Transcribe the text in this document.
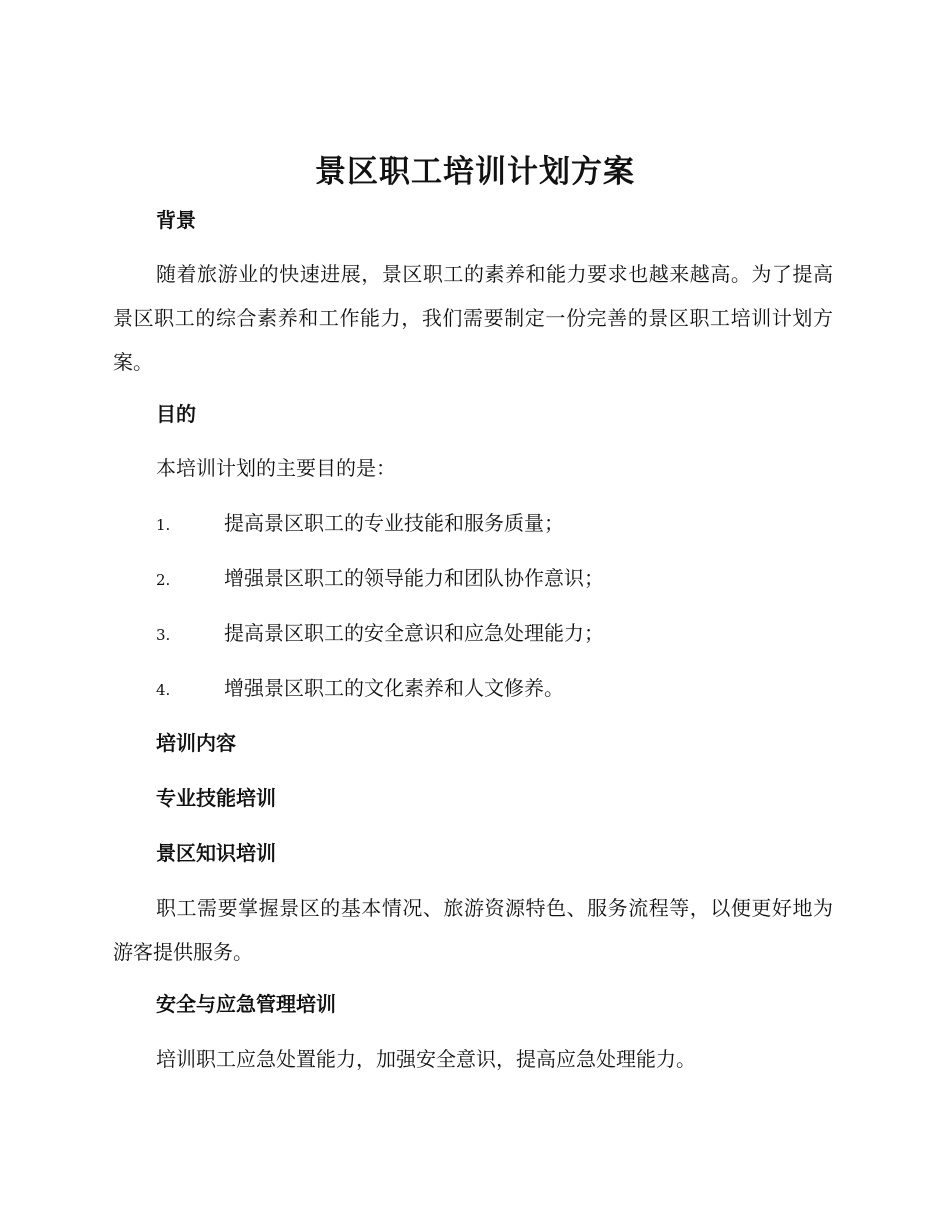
景区职工培训计划方案
背景
随着旅游业的快速进展，景区职工的素养和能力要求也越来越高。为了提高景区职工的综合素养和工作能力，我们需要制定一份完善的景区职工培训计划方案。
目的
本培训计划的主要目的是：
1.	提高景区职工的专业技能和服务质量；
2.	增强景区职工的领导能力和团队协作意识；
3.	提高景区职工的安全意识和应急处理能力；
4.	增强景区职工的文化素养和人文修养。
培训内容
专业技能培训
景区知识培训
职工需要掌握景区的基本情况、旅游资源特色、服务流程等，以便更好地为游客提供服务。
安全与应急管理培训
培训职工应急处置能力，加强安全意识，提高应急处理能力。
